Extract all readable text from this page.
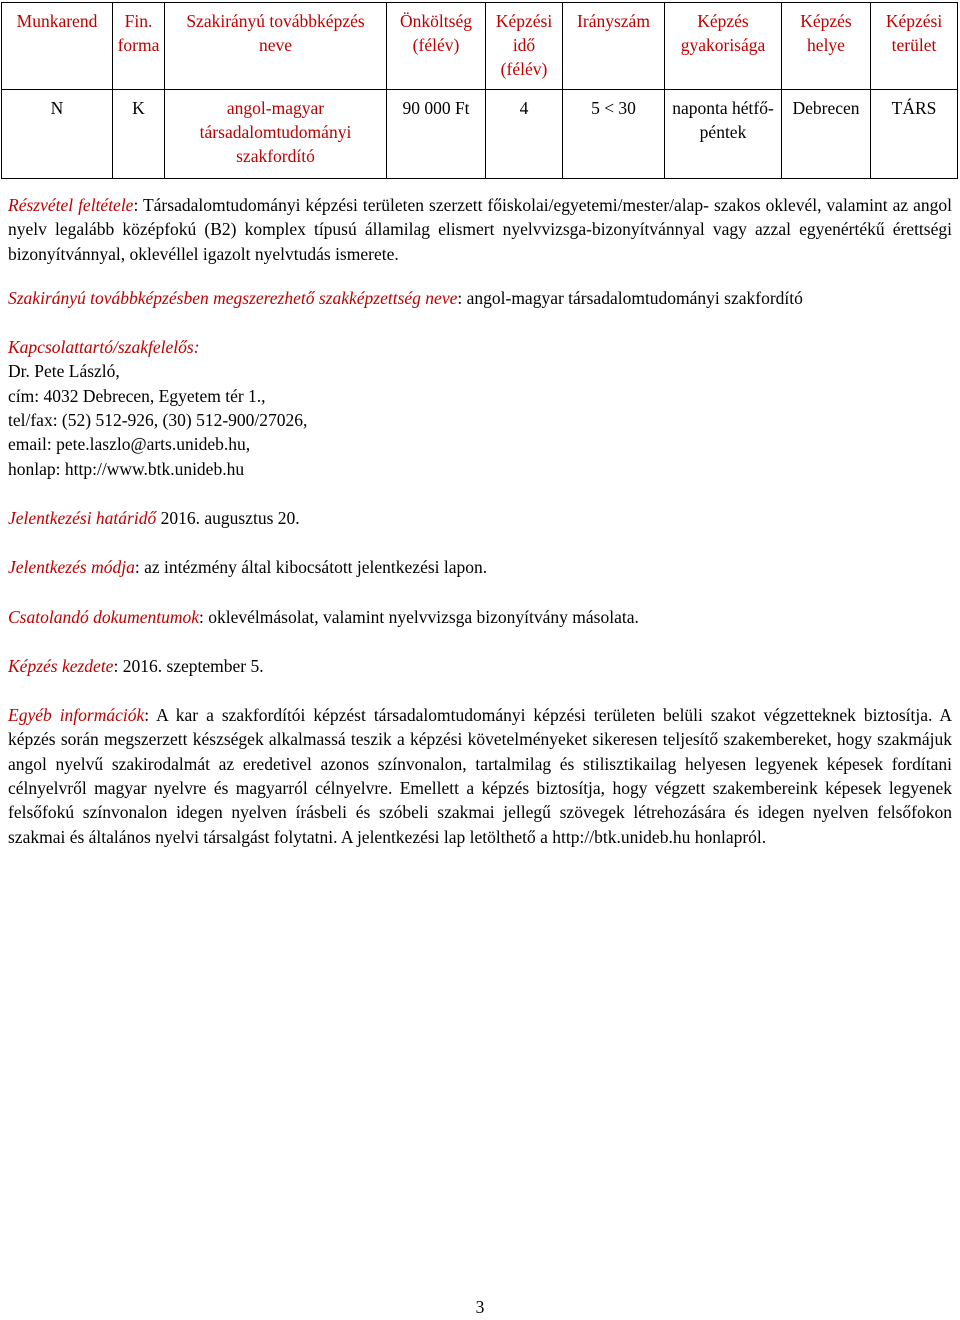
Munkarend	Fin. forma	Szakirányú továbbképzés neve	Önköltség (félév)	Képzési idő (félév)	Irányszám	Képzés gyakorisága	Képzés helye	Képzési terület
N	K	angol-magyar társadalomtudományi szakfordító	90 000 Ft	4	5 < 30	naponta hétfő-péntek	Debrecen	TÁRS

Részvétel feltétele: Társadalomtudományi képzési területen szerzett főiskolai/egyetemi/mester/alap- szakos oklevél, valamint az angol nyelv legalább középfokú (B2) komplex típusú államilag elismert nyelvvizsga-bizonyítvánnyal vagy azzal egyenértékű érettségi bizonyítvánnyal, oklevéllel igazolt nyelvtudás ismerete.

Szakirányú továbbképzésben megszerezhető szakképzettség neve: angol-magyar társadalomtudományi szakfordító

Kapcsolattartó/szakfelelős:

Dr. Pete László,

cím: 4032 Debrecen, Egyetem tér 1.,

tel/fax: (52) 512-926, (30) 512-900/27026,

email: pete.laszlo@arts.unideb.hu,

honlap: http://www.btk.unideb.hu

Jelentkezési határidő 2016. augusztus 20.

Jelentkezés módja: az intézmény által kibocsátott jelentkezési lapon.

Csatolandó dokumentumok: oklevélmásolat, valamint nyelvvizsga bizonyítvány másolata.

Képzés kezdete: 2016. szeptember 5.

Egyéb információk: A kar a szakfordítói képzést társadalomtudományi képzési területen belüli szakot végzetteknek biztosítja. A képzés során megszerzett készségek alkalmassá teszik a képzési követelményeket sikeresen teljesítő szakembereket, hogy szakmájuk angol nyelvű szakirodalmát az eredetivel azonos színvonalon, tartalmilag és stilisztikailag helyesen legyenek képesek fordítani célnyelvről magyar nyelvre és magyarról célnyelvre. Emellett a képzés biztosítja, hogy végzett szakembereink képesek legyenek felsőfokú színvonalon idegen nyelven írásbeli és szóbeli szakmai jellegű szövegek létrehozására és idegen nyelven felsőfokon szakmai és általános nyelvi társalgást folytatni. A jelentkezési lap letölthető a http://btk.unideb.hu honlapról.

3
